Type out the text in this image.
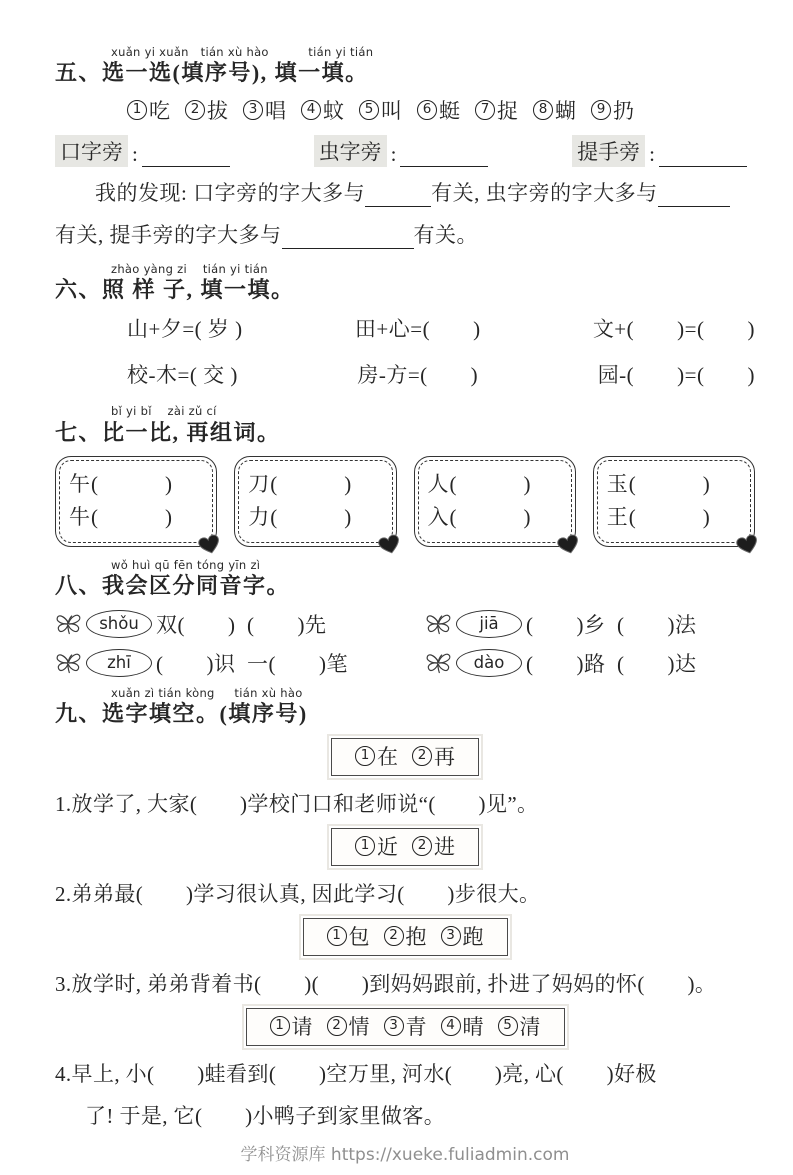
xuǎn yi xuǎn   tián xù hào          tián yi tián
五、选一选(填序号), 填一填。
1 吃	2 拔	3 唱	4 蚊	5 叫	6 蜓	7 捉	8 蝴	9 扔
口字旁 :	虫字旁 :	提手旁 :
我的发现: 口字旁的字大多与	有关, 虫字旁的字大多与
有关, 提手旁的字大多与	有关。
zhào yàng zi    tián yi tián
六、照 样 子, 填一填。
山+夕=( 岁 )	田+心=(　　)	文+(　　)=(　　)
校-木=( 交 )	房-方=(　　)	园-(　　)=(　　)
bǐ yi bǐ    zài zǔ cí
七、比一比, 再组词。
午(　　　)
牛(　　　)
刀(　　　)
力(　　　)
人(　　　)
入(　　　)
玉(　　　)
王(　　　)
wǒ huì qū fēn tóng yīn zì
八、我会区分同音字。
shǒu 双(　　)  (　　)先	jiā	(　　)乡  (　　)法
zhī	(　　)识  一(　　)笔	dào	(　　)路  (　　)达
xuǎn zì tián kòng     tián xù hào
九、选字填空。(填序号)
1 在	2 再

1.放学了, 大家(　　)学校门口和老师说“(　　)见”。

1 近	2 进

2.弟弟最(　　)学习很认真, 因此学习(　　)步很大。

1 包	2 抱	3 跑

3.放学时, 弟弟背着书(　　)(　　)到妈妈跟前, 扑进了妈妈的怀(　　)。

1 请	2 情	3 青	4 晴	5 清

4.早上, 小(　　)蛙看到(　　)空万里, 河水(　　)亮, 心(　　)好极

了! 于是, 它(　　)小鸭子到家里做客。

学科资源库 https://xueke.fuliadmin.com
